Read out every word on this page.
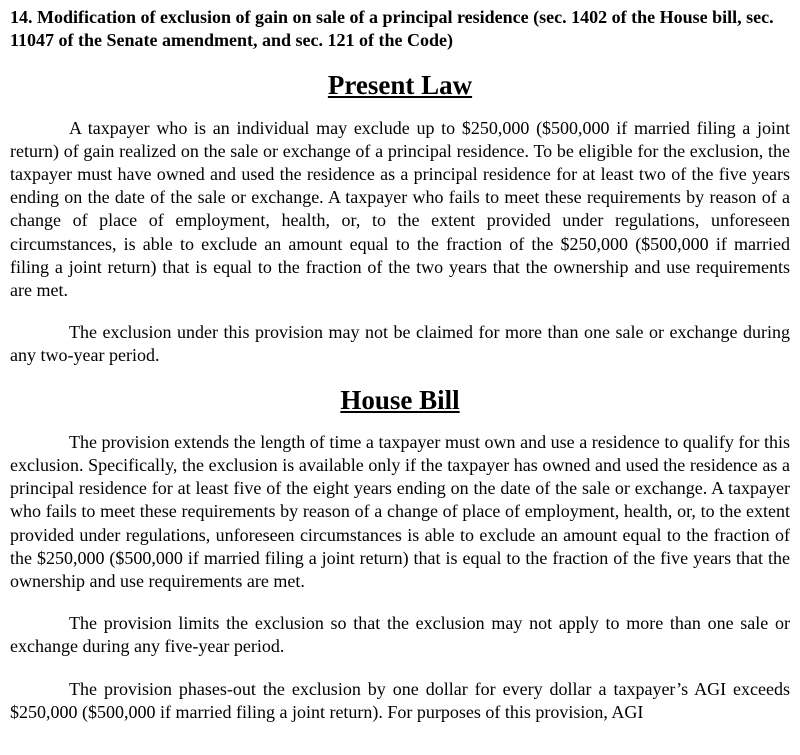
14. Modification of exclusion of gain on sale of a principal residence (sec. 1402 of the House bill, sec. 11047 of the Senate amendment, and sec. 121 of the Code)
Present Law

A taxpayer who is an individual may exclude up to $250,000 ($500,000 if married filing a joint return) of gain realized on the sale or exchange of a principal residence. To be eligible for the exclusion, the taxpayer must have owned and used the residence as a principal residence for at least two of the five years ending on the date of the sale or exchange. A taxpayer who fails to meet these requirements by reason of a change of place of employment, health, or, to the extent provided under regulations, unforeseen circumstances, is able to exclude an amount equal to the fraction of the $250,000 ($500,000 if married filing a joint return) that is equal to the fraction of the two years that the ownership and use requirements are met.

The exclusion under this provision may not be claimed for more than one sale or exchange during any two-year period.

House Bill

The provision extends the length of time a taxpayer must own and use a residence to qualify for this exclusion. Specifically, the exclusion is available only if the taxpayer has owned and used the residence as a principal residence for at least five of the eight years ending on the date of the sale or exchange. A taxpayer who fails to meet these requirements by reason of a change of place of employment, health, or, to the extent provided under regulations, unforeseen circumstances is able to exclude an amount equal to the fraction of the $250,000 ($500,000 if married filing a joint return) that is equal to the fraction of the five years that the ownership and use requirements are met.

The provision limits the exclusion so that the exclusion may not apply to more than one sale or exchange during any five-year period.

The provision phases-out the exclusion by one dollar for every dollar a taxpayer’s AGI exceeds $250,000 ($500,000 if married filing a joint return). For purposes of this provision, AGI
